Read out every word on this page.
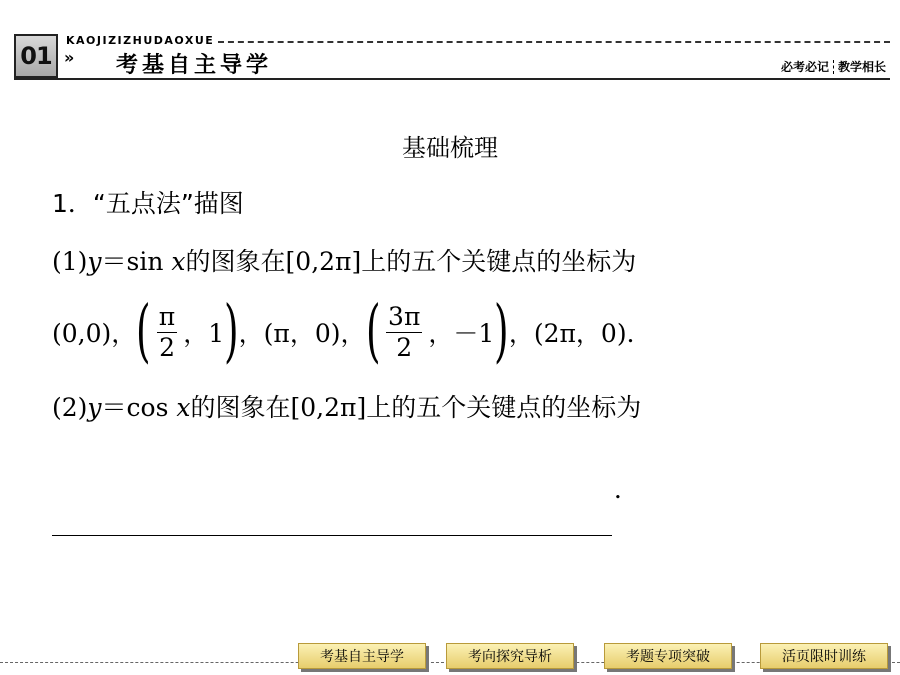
01
KAOJIZIZHUDAOXUE
» 考基自主导学	必考必记 教学相长
基础梳理
1．“五点法”描图
(1)y＝sin x的图象在[0,2π]上的五个关键点的坐标为
(0,0)， ( $\frac{\pi}{2}$ ，1 ) ，(π，0)， ( $\frac{3\pi}{2}$ ，－1 ) ，(2π，0)．
(2)y＝cos x的图象在[0,2π]上的五个关键点的坐标为
．
考基自主导学	考向探究导析	考题专项突破	活页限时训练
